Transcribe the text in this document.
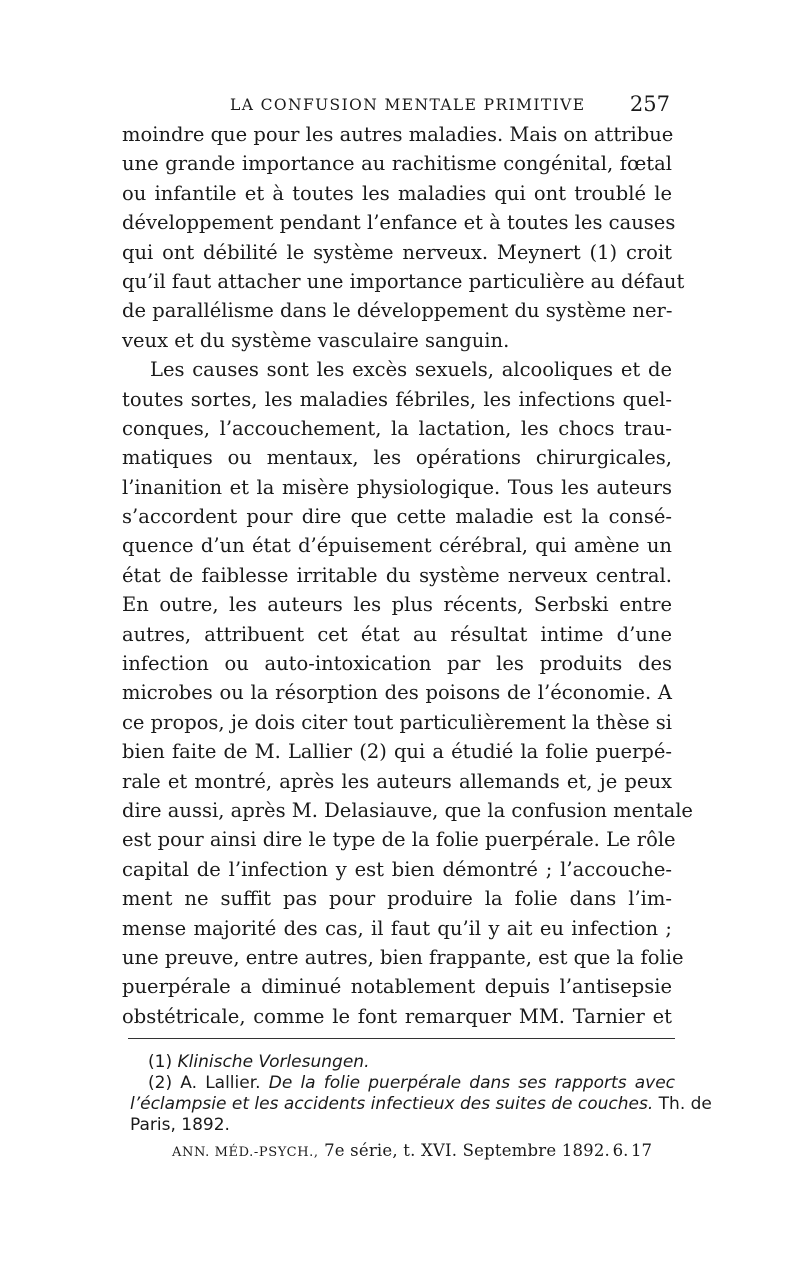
LA CONFUSION MENTALE PRIMITIVE 257
moindre que pour les autres maladies. Mais on attribue
une grande importance au rachitisme congénital, fœtal
ou infantile et à toutes les maladies qui ont troublé le
développement pendant l’enfance et à toutes les causes
qui ont débilité le système nerveux. Meynert (1) croit
qu’il faut attacher une importance particulière au défaut
de parallélisme dans le développement du système ner-
veux et du système vasculaire sanguin.
Les causes sont les excès sexuels, alcooliques et de
toutes sortes, les maladies fébriles, les infections quel-
conques, l’accouchement, la lactation, les chocs trau-
matiques ou mentaux, les opérations chirurgicales,
l’inanition et la misère physiologique. Tous les auteurs
s’accordent pour dire que cette maladie est la consé-
quence d’un état d’épuisement cérébral, qui amène un
état de faiblesse irritable du système nerveux central.
En outre, les auteurs les plus récents, Serbski entre
autres, attribuent cet état au résultat intime d’une
infection ou auto-intoxication par les produits des
microbes ou la résorption des poisons de l’économie. A
ce propos, je dois citer tout particulièrement la thèse si
bien faite de M. Lallier (2) qui a étudié la folie puerpé-
rale et montré, après les auteurs allemands et, je peux
dire aussi, après M. Delasiauve, que la confusion mentale
est pour ainsi dire le type de la folie puerpérale. Le rôle
capital de l’infection y est bien démontré ; l’accouche-
ment ne suffit pas pour produire la folie dans l’im-
mense majorité des cas, il faut qu’il y ait eu infection ;
une preuve, entre autres, bien frappante, est que la folie
puerpérale a diminué notablement depuis l’antisepsie
obstétricale, comme le font remarquer MM. Tarnier et
(1) Klinische Vorlesungen.
(2) A. Lallier. De la folie puerpérale dans ses rapports avec
l’éclampsie et les accidents infectieux des suites de couches. Th. de
Paris, 1892.
ANN. MÉD.-PSYCH., 7e série, t. XVI. Septembre 1892. 6. 17
